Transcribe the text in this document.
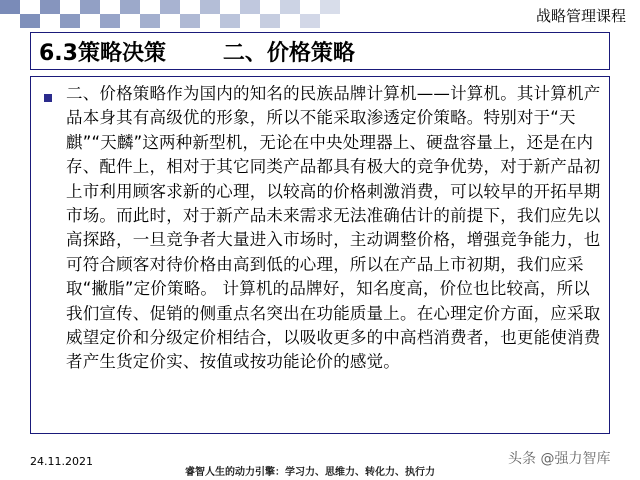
战略管理课程
6.3策略决策	二、价格策略
二、价格策略作为国内的知名的民族品牌计算机——计算机。其计算机产品本身其有高级优的形象，所以不能采取渗透定价策略。特别对于“天麒”“天麟”这两种新型机，无论在中央处理器上、硬盘容量上，还是在内存、配件上，相对于其它同类产品都具有极大的竞争优势，对于新产品初上市利用顾客求新的心理，以较高的价格刺激消费，可以较早的开拓早期市场。而此时，对于新产品未来需求无法准确估计的前提下，我们应先以高探路，一旦竞争者大量进入市场时，主动调整价格，增强竞争能力，也可符合顾客对待价格由高到低的心理，所以在产品上市初期，我们应采取“撇脂”定价策略。 计算机的品牌好，知名度高，价位也比较高，所以我们宣传、促销的侧重点名突出在功能质量上。在心理定价方面，应采取威望定价和分级定价相结合，以吸收更多的中高档消费者，也更能使消费者产生货定价实、按值或按功能论价的感觉。
24.11.2021
睿智人生的动力引擎：学习力、思维力、转化力、执行力
头条 @强力智库
